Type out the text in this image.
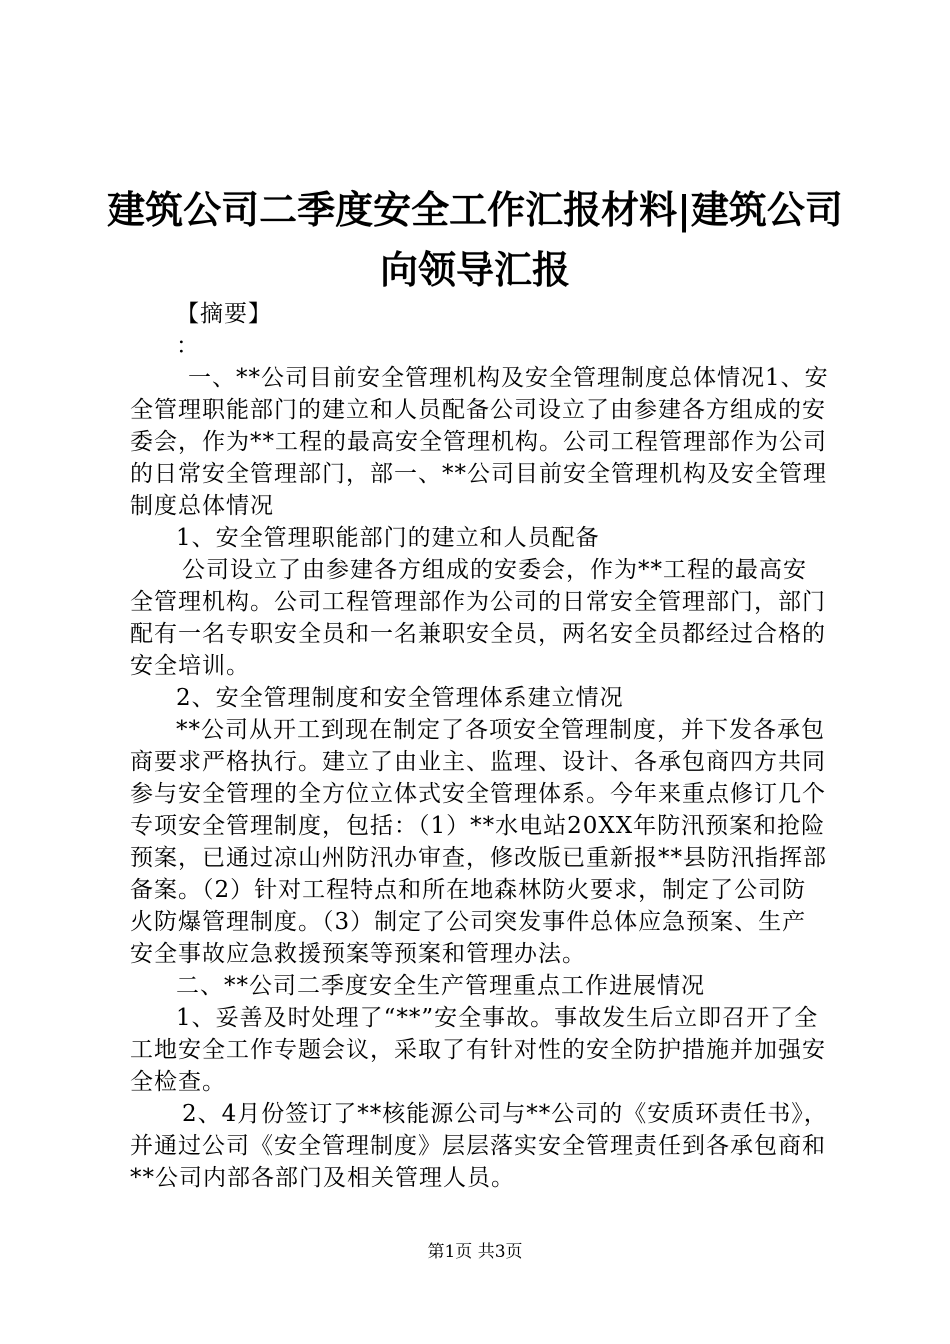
建筑公司二季度安全工作汇报材料|建筑公司
向领导汇报

【摘要】

：

一、**公司目前安全管理机构及安全管理制度总体情况1、安全管理职能部门的建立和人员配备公司设立了由参建各方组成的安委会，作为**工程的最高安全管理机构。公司工程管理部作为公司的日常安全管理部门，部一、**公司目前安全管理机构及安全管理制度总体情况

1、安全管理职能部门的建立和人员配备

公司设立了由参建各方组成的安委会，作为**工程的最高安全管理机构。公司工程管理部作为公司的日常安全管理部门，部门配有一名专职安全员和一名兼职安全员，两名安全员都经过合格的安全培训。

2、安全管理制度和安全管理体系建立情况

**公司从开工到现在制定了各项安全管理制度，并下发各承包商要求严格执行。建立了由业主、监理、设计、各承包商四方共同参与安全管理的全方位立体式安全管理体系。今年来重点修订几个专项安全管理制度，包括：（1）**水电站20XX年防汛预案和抢险预案，已通过凉山州防汛办审查，修改版已重新报**县防汛指挥部备案。（2）针对工程特点和所在地森林防火要求，制定了公司防火防爆管理制度。（3）制定了公司突发事件总体应急预案、生产安全事故应急救援预案等预案和管理办法。

二、**公司二季度安全生产管理重点工作进展情况

1、妥善及时处理了“**”安全事故。事故发生后立即召开了全工地安全工作专题会议，采取了有针对性的安全防护措施并加强安全检查。

2、4月份签订了**核能源公司与**公司的《安质环责任书》，并通过公司《安全管理制度》层层落实安全管理责任到各承包商和**公司内部各部门及相关管理人员。

第1页 共3页
